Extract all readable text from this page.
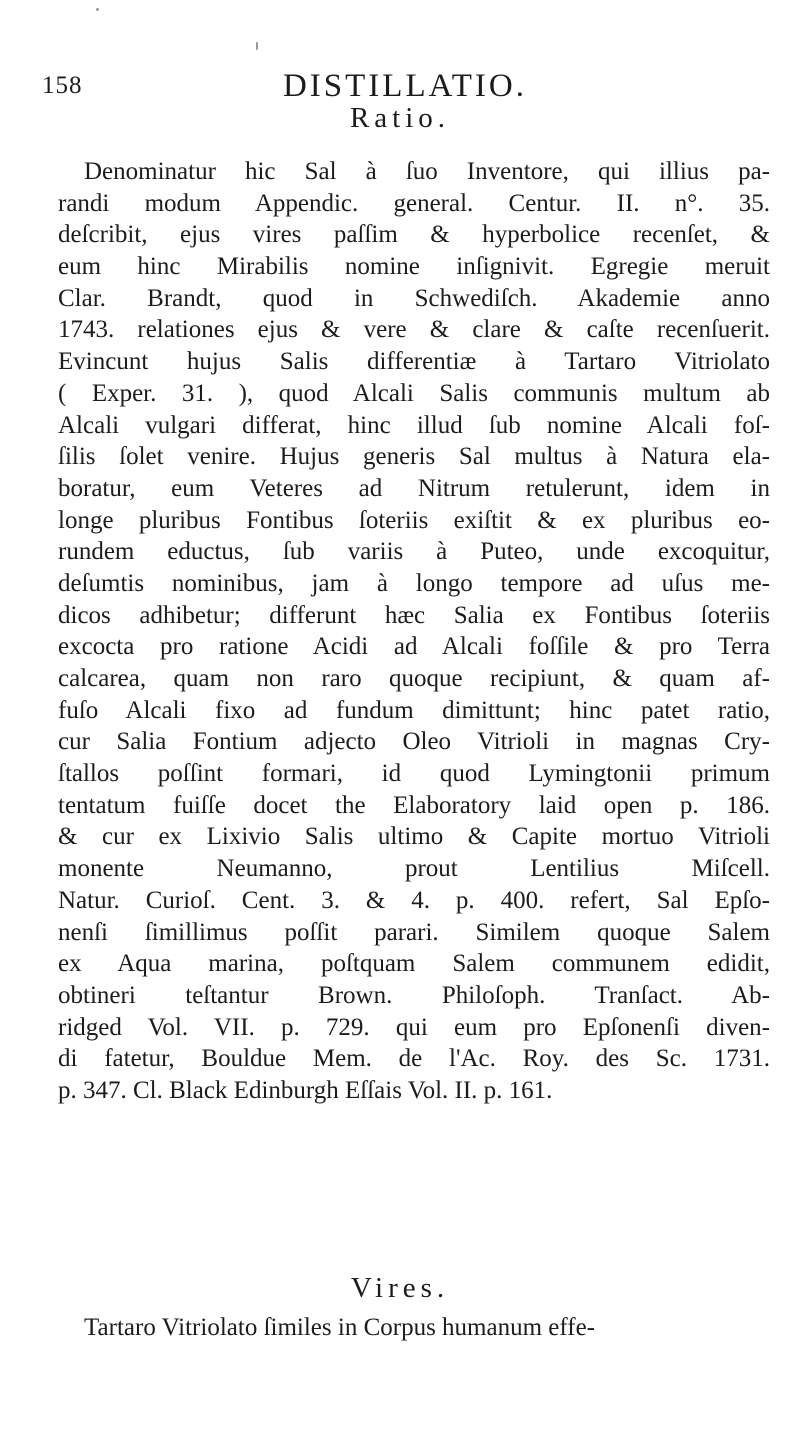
158	DISTILLATIO.
Ratio.
Denominatur hic Sal à ſuo Inventore, qui illius pa-
randi modum Appendic. general. Centur. II. n°. 35.
deſcribit, ejus vires paſſim & hyperbolice recenſet, &
eum hinc Mirabilis nomine inſignivit. Egregie meruit
Clar. Brandt, quod in Schwediſch. Akademie anno
1743. relationes ejus & vere & clare & caſte recenſuerit.
Evincunt hujus Salis differentiæ à Tartaro Vitriolato
( Exper. 31. ), quod Alcali Salis communis multum ab
Alcali vulgari differat, hinc illud ſub nomine Alcali foſ-
ſilis ſolet venire. Hujus generis Sal multus à Natura ela-
boratur, eum Veteres ad Nitrum retulerunt, idem in
longe pluribus Fontibus ſoteriis exiſtit & ex pluribus eo-
rundem eductus, ſub variis à Puteo, unde excoquitur,
deſumtis nominibus, jam à longo tempore ad uſus me-
dicos adhibetur; differunt hæc Salia ex Fontibus ſoteriis
excocta pro ratione Acidi ad Alcali foſſile & pro Terra
calcarea, quam non raro quoque recipiunt, & quam af-
fuſo Alcali fixo ad fundum dimittunt; hinc patet ratio,
cur Salia Fontium adjecto Oleo Vitrioli in magnas Cry-
ſtallos poſſint formari, id quod Lymingtonii primum
tentatum fuiſſe docet the Elaboratory laid open p. 186.
& cur ex Lixivio Salis ultimo & Capite mortuo Vitrioli
monente Neumanno, prout Lentilius Miſcell.
Natur. Curioſ. Cent. 3. & 4. p. 400. refert, Sal Epſo-
nenſi ſimillimus poſſit parari. Similem quoque Salem
ex Aqua marina, poſtquam Salem communem edidit,
obtineri teſtantur Brown. Philoſoph. Tranſact. Ab-
ridged Vol. VII. p. 729. qui eum pro Epſonenſi diven-
di fatetur, Bouldue Mem. de l'Ac. Roy. des Sc. 1731.
p. 347. Cl. Black Edinburgh Eſſais Vol. II. p. 161.
Vires.
Tartaro Vitriolato ſimiles in Corpus humanum effe-
